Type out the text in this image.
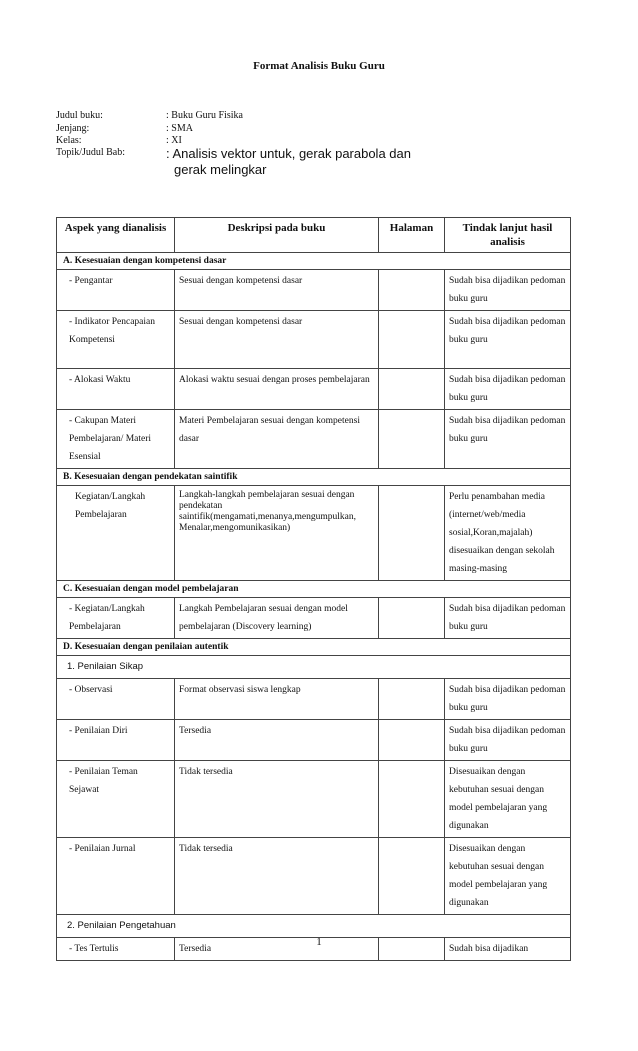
Format Analisis Buku Guru
Judul buku:	: Buku Guru Fisika
Jenjang:	: SMA
Kelas:	: XI
Topik/Judul Bab:	: Analisis vektor untuk, gerak parabola dan
gerak melingkar
Aspek yang dianalisis	Deskripsi pada buku	Halaman	Tindak lanjut hasil analisis
A. Kesesuaian dengan kompetensi dasar			
- Pengantar	Sesuai dengan kompetensi dasar		Sudah bisa dijadikan pedoman buku guru
- Indikator Pencapaian Kompetensi	Sesuai dengan kompetensi dasar		Sudah bisa dijadikan pedoman buku guru
- Alokasi Waktu	Alokasi waktu sesuai dengan proses pembelajaran		Sudah bisa dijadikan pedoman buku guru
- Cakupan Materi Pembelajaran/ Materi Esensial	Materi Pembelajaran sesuai dengan kompetensi dasar		Sudah bisa dijadikan pedoman buku guru
B. Kesesuaian dengan pendekatan saintifik			
Kegiatan/Langkah Pembelajaran	Langkah-langkah pembelajaran sesuai dengan pendekatan saintifik(mengamati,menanya,mengumpulkan, Menalar,mengomunikasikan)		Perlu penambahan media (internet/web/media sosial,Koran,majalah) disesuaikan dengan sekolah masing-masing
C. Kesesuaian dengan model pembelajaran			
- Kegiatan/Langkah Pembelajaran	Langkah Pembelajaran sesuai dengan model pembelajaran (Discovery learning)		Sudah bisa dijadikan pedoman buku guru
D. Kesesuaian dengan penilaian autentik			
1. Penilaian Sikap			
- Observasi	Format observasi siswa lengkap		Sudah bisa dijadikan pedoman buku guru
- Penilaian Diri	Tersedia		Sudah bisa dijadikan pedoman buku guru
- Penilaian Teman Sejawat	Tidak tersedia		Disesuaikan dengan kebutuhan sesuai dengan model pembelajaran yang digunakan
- Penilaian Jurnal	Tidak tersedia		Disesuaikan dengan kebutuhan sesuai dengan model pembelajaran yang digunakan
2. Penilaian Pengetahuan			
- Tes Tertulis	Tersedia		Sudah bisa dijadikan
1
